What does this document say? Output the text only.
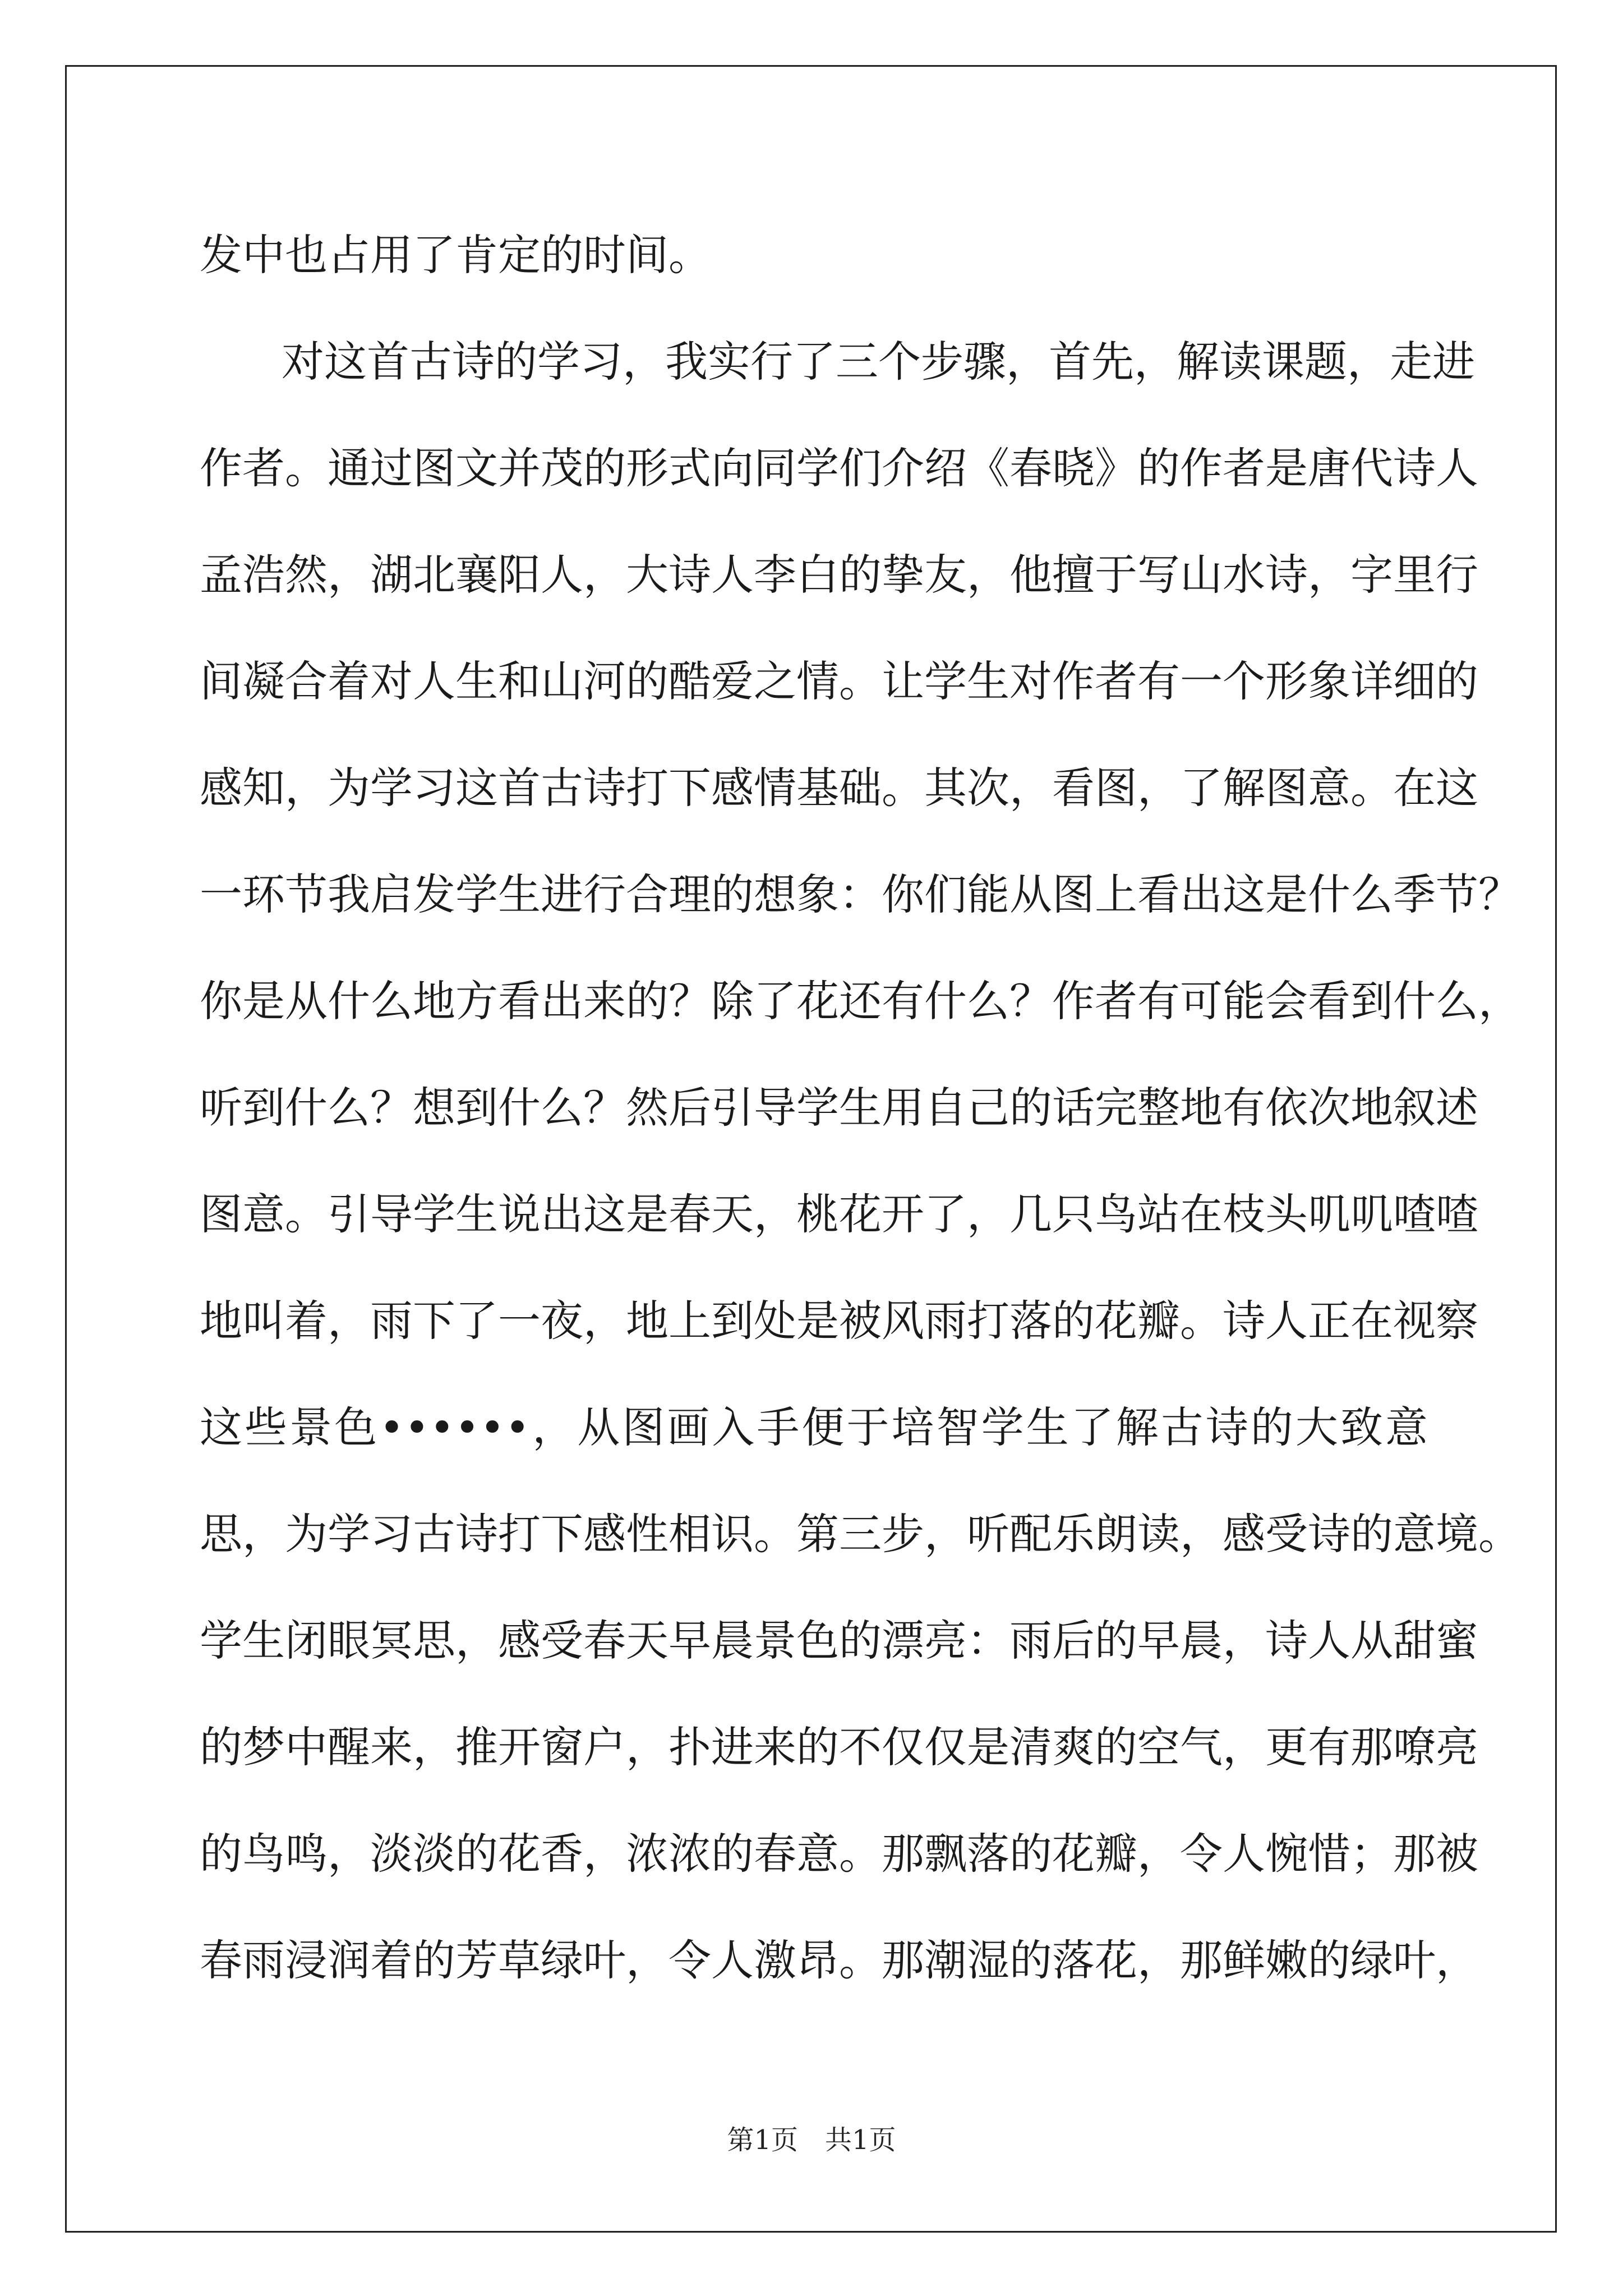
发中也占用了肯定的时间。
对这首古诗的学习，我实行了三个步骤，首先，解读课题，走进
作者。通过图文并茂的形式向同学们介绍《春晓》的作者是唐代诗人
孟浩然，湖北襄阳人，大诗人李白的挚友，他擅于写山水诗，字里行
间凝合着对人生和山河的酷爱之情。让学生对作者有一个形象详细的
感知，为学习这首古诗打下感情基础。其次，看图，了解图意。在这
一环节我启发学生进行合理的想象：你们能从图上看出这是什么季节？
你是从什么地方看出来的？除了花还有什么？作者有可能会看到什么，
听到什么？想到什么？然后引导学生用自己的话完整地有依次地叙述
图意。引导学生说出这是春天，桃花开了，几只鸟站在枝头叽叽喳喳
地叫着，雨下了一夜，地上到处是被风雨打落的花瓣。诗人正在视察
这些景色••••••，从图画入手便于培智学生了解古诗的大致意
思，为学习古诗打下感性相识。第三步，听配乐朗读，感受诗的意境。
学生闭眼冥思，感受春天早晨景色的漂亮：雨后的早晨，诗人从甜蜜
的梦中醒来，推开窗户，扑进来的不仅仅是清爽的空气，更有那嘹亮
的鸟鸣，淡淡的花香，浓浓的春意。那飘落的花瓣，令人惋惜；那被
春雨浸润着的芳草绿叶，令人激昂。那潮湿的落花，那鲜嫩的绿叶，
第1页　共1页
